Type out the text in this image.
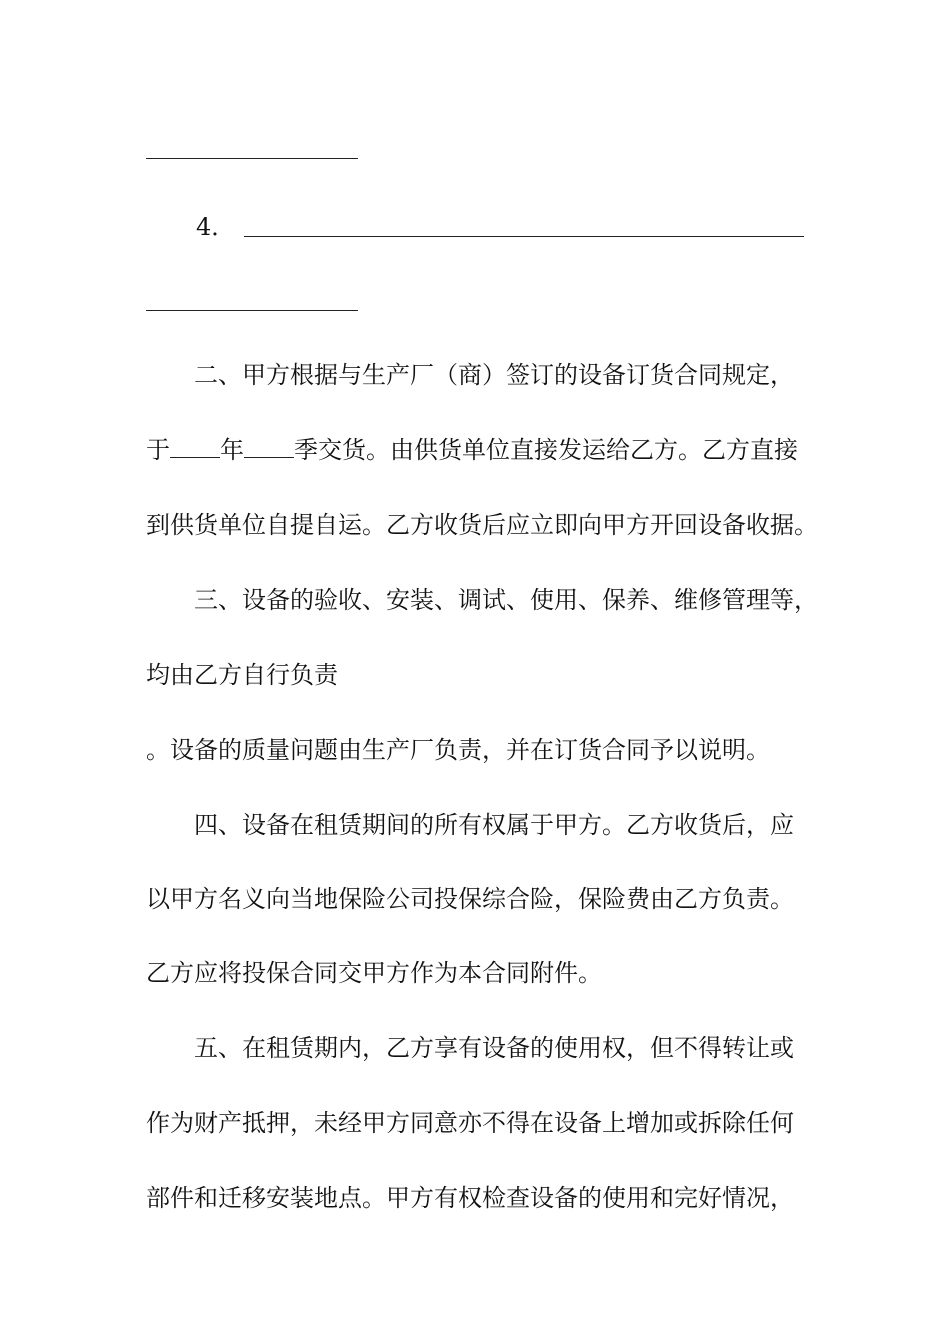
4．
二、甲方根据与生产厂（商）签订的设备订货合同规定，
于 年 季交货。由供货单位直接发运给乙方。乙方直接
到供货单位自提自运。乙方收货后应立即向甲方开回设备收据。
三、设备的验收、安装、调试、使用、保养、维修管理等，
均由乙方自行负责
。设备的质量问题由生产厂负责，并在订货合同予以说明。
四、设备在租赁期间的所有权属于甲方。乙方收货后，应
以甲方名义向当地保险公司投保综合险，保险费由乙方负责。
乙方应将投保合同交甲方作为本合同附件。
五、在租赁期内，乙方享有设备的使用权，但不得转让或
作为财产抵押，未经甲方同意亦不得在设备上增加或拆除任何
部件和迁移安装地点。甲方有权检查设备的使用和完好情况，
